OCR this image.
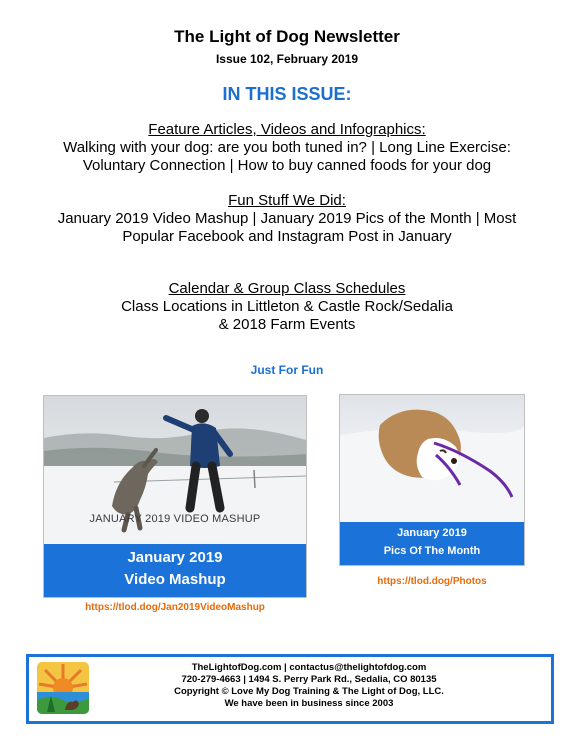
The Light of Dog Newsletter
Issue 102, February 2019
IN THIS ISSUE:
Feature Articles, Videos and Infographics:
Walking with your dog: are you both tuned in? | Long Line Exercise:
Voluntary Connection | How to buy canned foods for your dog
Fun Stuff We Did:
January 2019 Video Mashup | January 2019 Pics of the Month | Most
Popular Facebook and Instagram Post in January
Calendar & Group Class Schedules
Class Locations in Littleton & Castle Rock/Sedalia
& 2018 Farm Events
Just For Fun
JANUARY 2019 VIDEO MASHUP
January 2019
Video Mashup
https://tlod.dog/Jan2019VideoMashup
January 2019
Pics Of The Month
https://tlod.dog/Photos
TheLightofDog.com | contactus@thelightofdog.com
720-279-4663 | 1494 S. Perry Park Rd., Sedalia, CO 80135
Copyright © Love My Dog Training & The Light of Dog, LLC.
We have been in business since 2003
